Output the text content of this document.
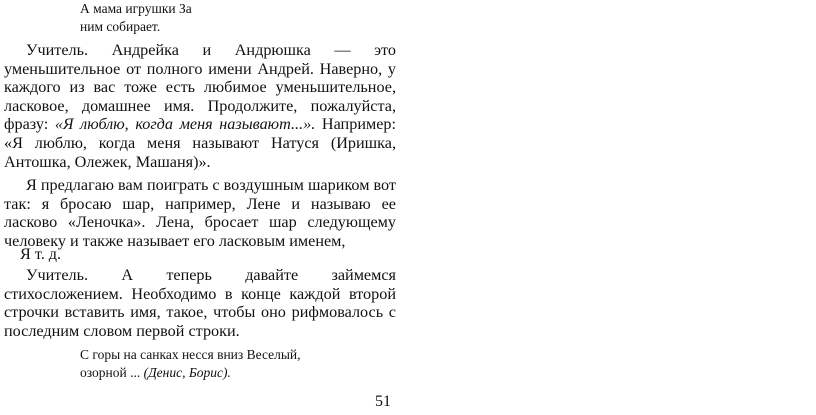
А мама игрушки За
ним собирает.
Учитель. Андрейка и Андрюшка — это уменьшительное от полного имени Андрей. Наверно, у каждого из вас тоже есть любимое уменьшительное, ласковое, домашнее имя. Продолжите, пожалуйста, фразу: «Я люблю, когда меня называют...». Например: «Я люблю, когда меня называют Натуся (Иришка, Антошка, Олежек, Машаня)».
Я предлагаю вам поиграть с воздушным шариком вот так: я бросаю шар, например, Лене и называю ее ласково «Леночка». Лена, бросает шар следующему человеку и также называет его ласковым именем,
Я т. д.
Учитель. А теперь давайте займемся стихосложением. Необходимо в конце каждой второй строчки вставить имя, такое, чтобы оно рифмовалось с последним словом первой строки.
С горы на санках несся вниз Веселый,
озорной ... (Денис, Борис).
51
